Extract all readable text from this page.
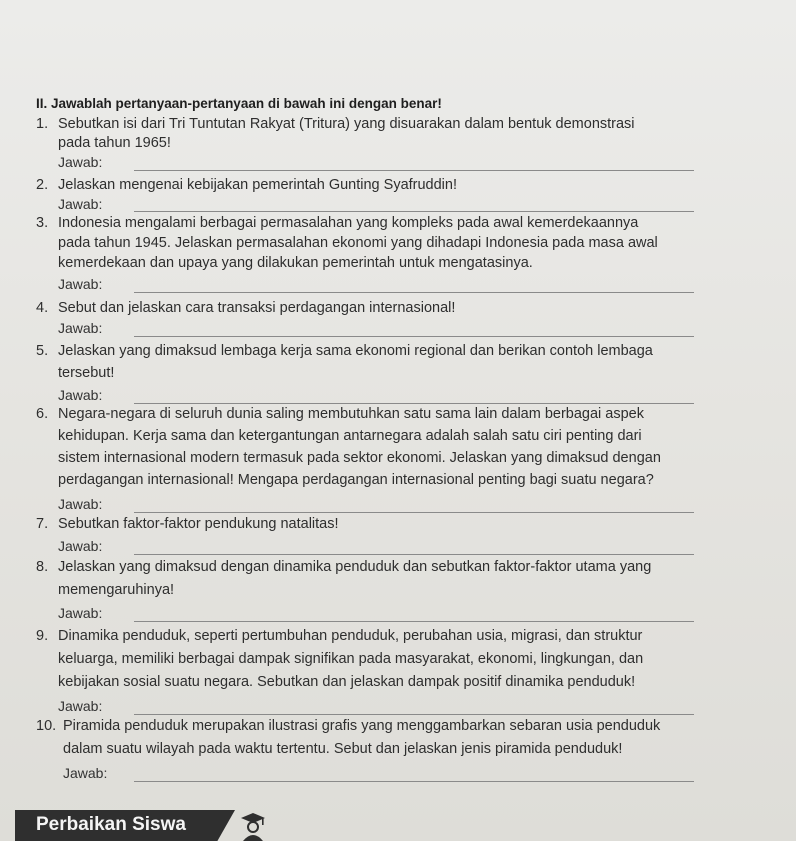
II. Jawablah pertanyaan-pertanyaan di bawah ini dengan benar!
1. Sebutkan isi dari Tri Tuntutan Rakyat (Tritura) yang disuarakan dalam bentuk demonstrasi
pada tahun 1965!
Jawab:
2. Jelaskan mengenai kebijakan pemerintah Gunting Syafruddin!
Jawab:
3. Indonesia mengalami berbagai permasalahan yang kompleks pada awal kemerdekaannya
pada tahun 1945. Jelaskan permasalahan ekonomi yang dihadapi Indonesia pada masa awal
kemerdekaan dan upaya yang dilakukan pemerintah untuk mengatasinya.
Jawab:
4. Sebut dan jelaskan cara transaksi perdagangan internasional!
Jawab:
5. Jelaskan yang dimaksud lembaga kerja sama ekonomi regional dan berikan contoh lembaga
tersebut!
Jawab:
6. Negara-negara di seluruh dunia saling membutuhkan satu sama lain dalam berbagai aspek
kehidupan. Kerja sama dan ketergantungan antarnegara adalah salah satu ciri penting dari
sistem internasional modern termasuk pada sektor ekonomi. Jelaskan yang dimaksud dengan
perdagangan internasional! Mengapa perdagangan internasional penting bagi suatu negara?
Jawab:
7. Sebutkan faktor-faktor pendukung natalitas!
Jawab:
8. Jelaskan yang dimaksud dengan dinamika penduduk dan sebutkan faktor-faktor utama yang
memengaruhinya!
Jawab:
9. Dinamika penduduk, seperti pertumbuhan penduduk, perubahan usia, migrasi, dan struktur
keluarga, memiliki berbagai dampak signifikan pada masyarakat, ekonomi, lingkungan, dan
kebijakan sosial suatu negara. Sebutkan dan jelaskan dampak positif dinamika penduduk!
Jawab:
10. Piramida penduduk merupakan ilustrasi grafis yang menggambarkan sebaran usia penduduk
dalam suatu wilayah pada waktu tertentu. Sebut dan jelaskan jenis piramida penduduk!
Jawab:
Perbaikan Siswa
